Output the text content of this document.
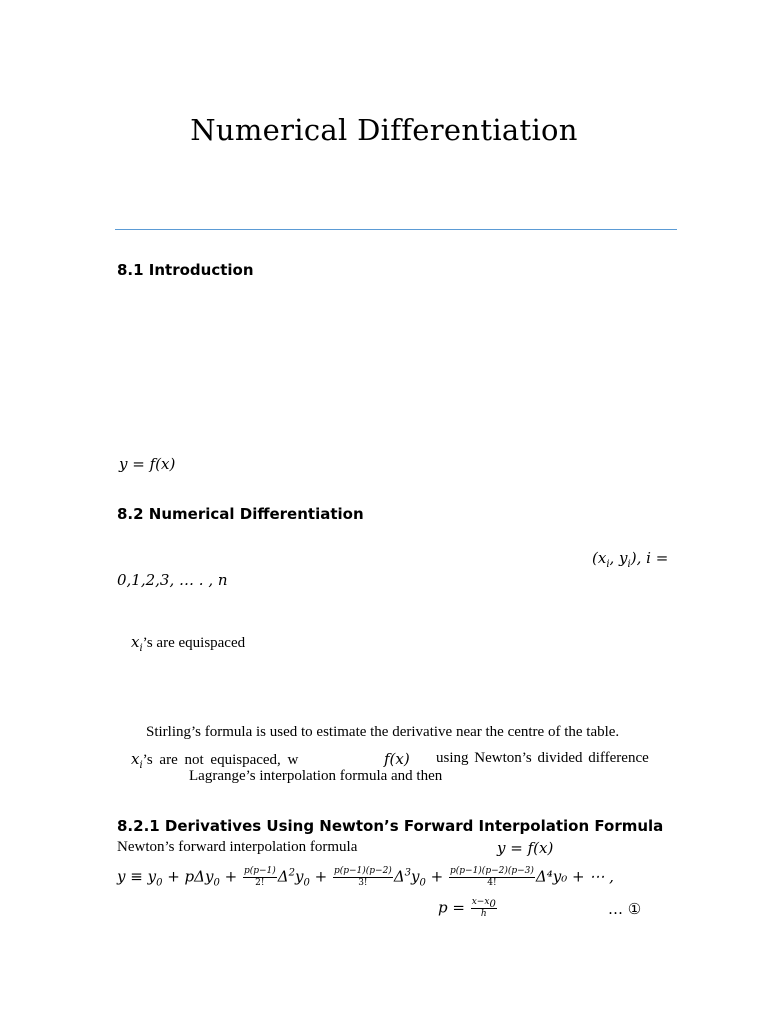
Numerical Differentiation
8.1 Introduction
y = f(x)
8.2 Numerical Differentiation
($x_i$, $y_i$), i =
0,1,2,3, … . , n
$x_i’s$ are equispaced
Stirling’s formula is used to estimate the derivative near the centre of the table.
$x_i’s$ are not equispaced, w	f(x) using Newton’s divided difference
Lagrange’s interpolation formula and then
8.2.1 Derivatives Using Newton’s Forward Interpolation Formula
Newton’s forward interpolation formula	y = f(x)
$y \equiv y_0 + p\Delta y_0 + \frac{p(p-1)}{2!} \Delta^2y_0 + \frac{p(p-1)(p-2)}{3!} \Delta^3y_0 + \frac{p(p-1)(p-2)(p-3)}{4!} \Delta^4y_0$ + ⋯ ,
$p = \frac{x-x_0}{h}$	… ①
